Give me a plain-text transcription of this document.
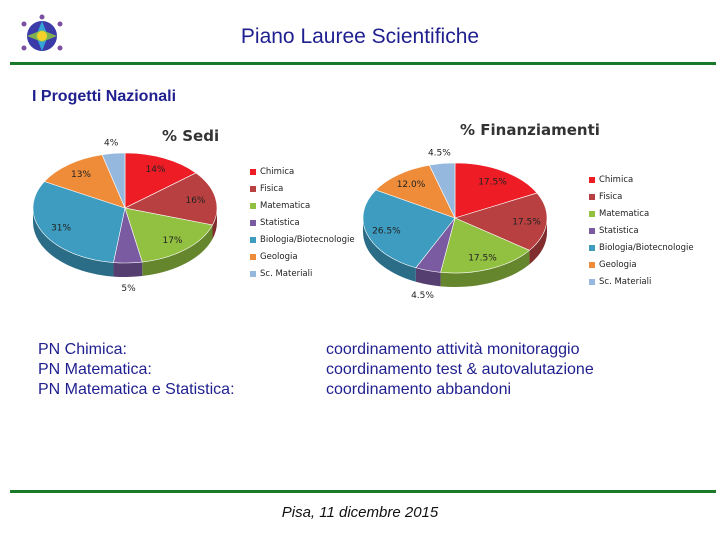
Piano Lauree Scientifiche
I Progetti Nazionali
% Sedi	% Finanziamenti
14%
16%
17%
5%
31%
13%
4%
17.5%
17.5%
17.5%
4.5%
26.5%
12.0%
4.5%
Chimica
Fisica
Matematica
Statistica
Biologia/Biotecnologie
Geologia
Sc. Materiali
Chimica
Fisica
Matematica
Statistica
Biologia/Biotecnologie
Geologia
Sc. Materiali
PN Chimica:
PN Matematica:
PN Matematica e Statistica:
coordinamento attività monitoraggio
coordinamento test & autovalutazione
coordinamento abbandoni
Pisa, 11 dicembre 2015
